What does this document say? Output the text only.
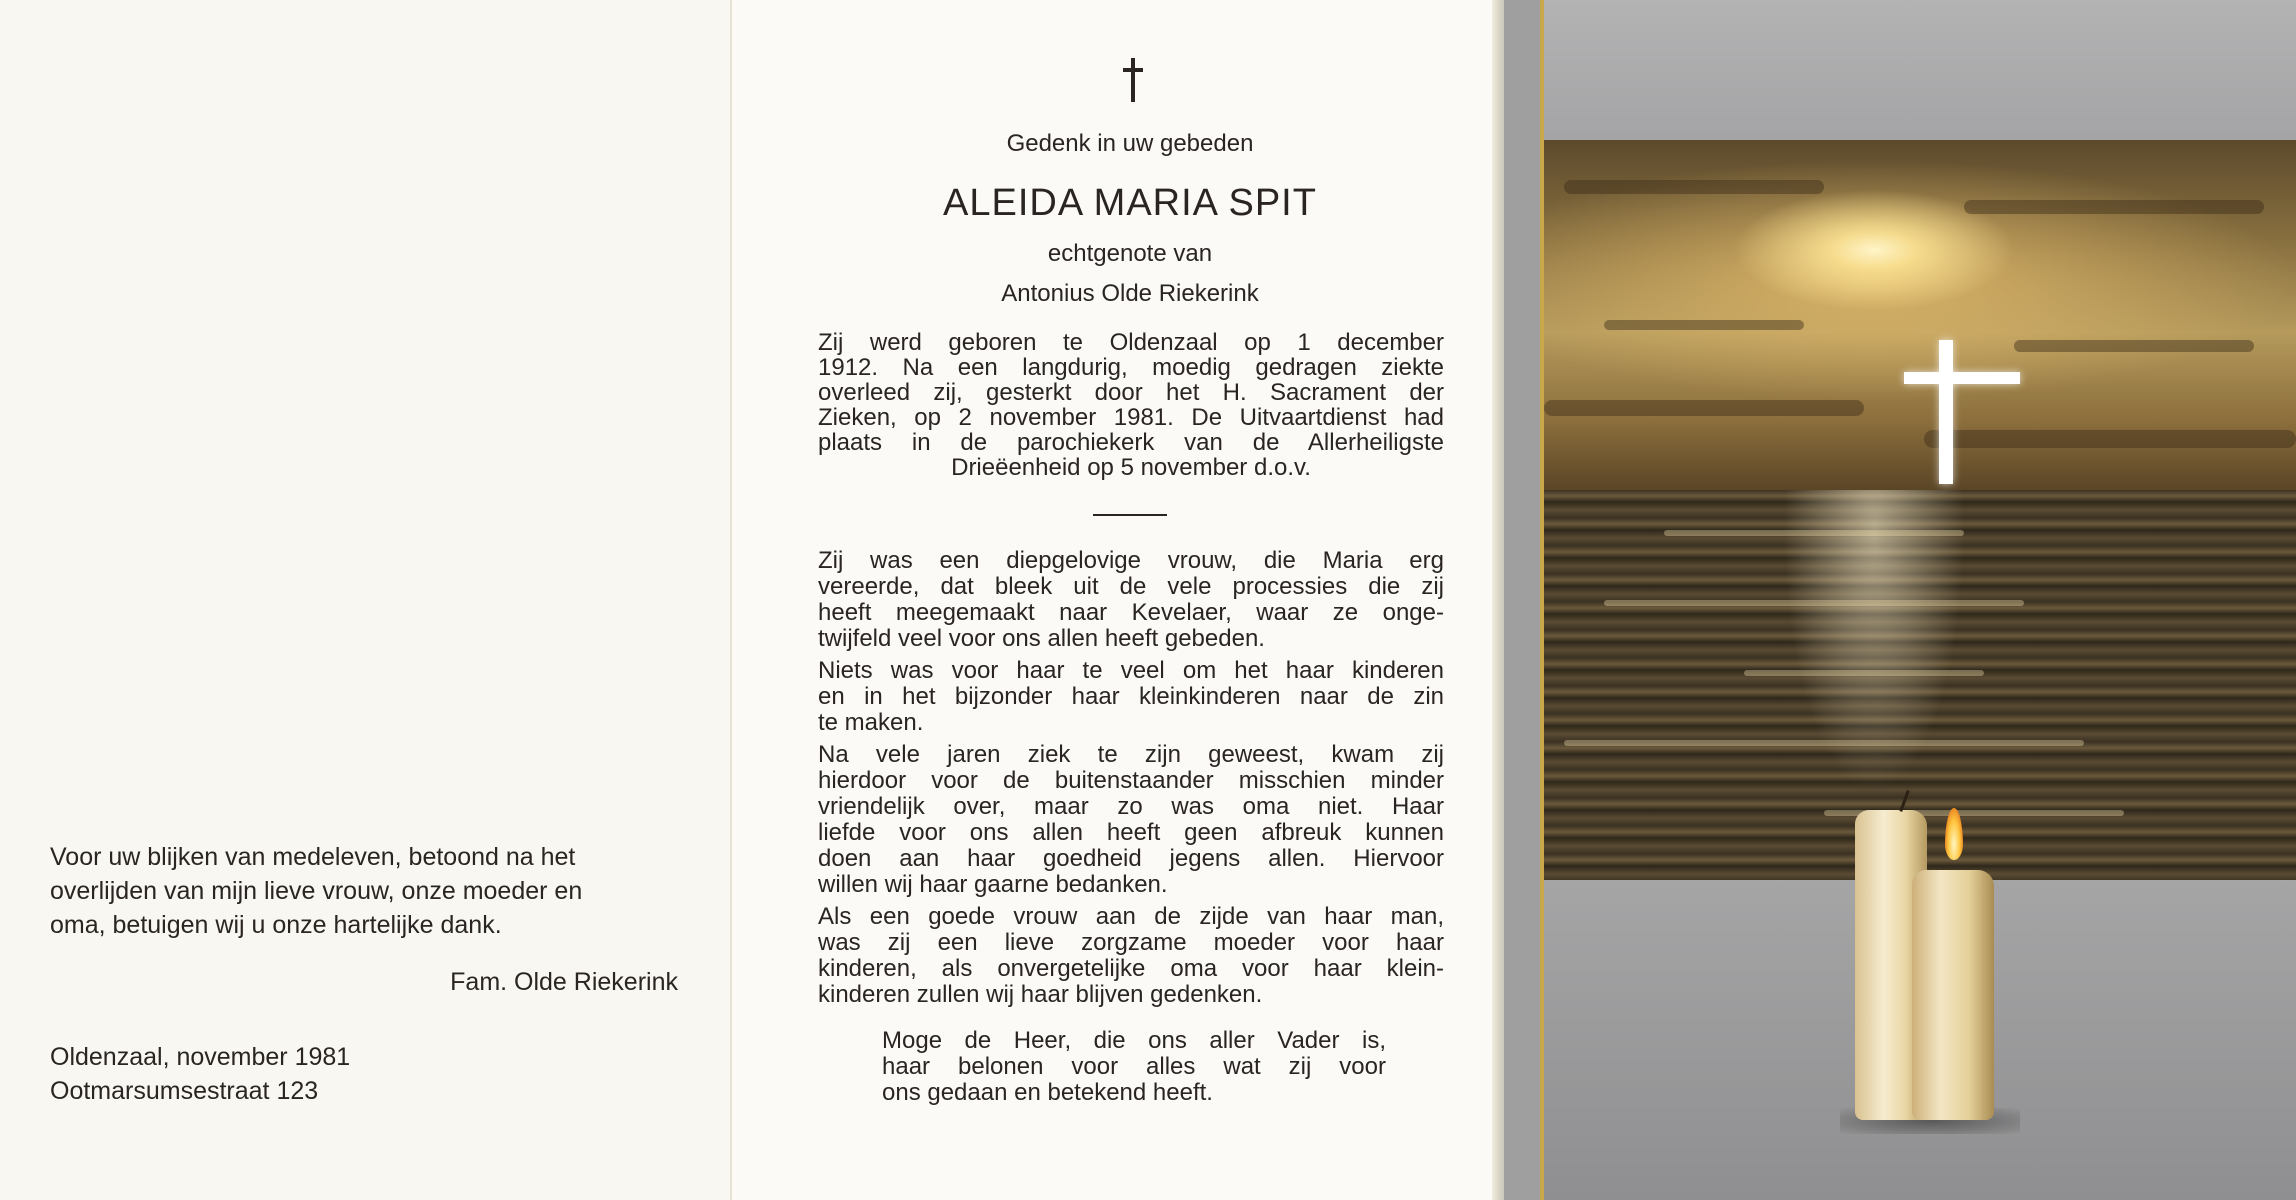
Voor uw blijken van medeleven, betoond na het
overlijden van mijn lieve vrouw, onze moeder en
oma, betuigen wij u onze hartelijke dank.
Fam. Olde Riekerink
Oldenzaal, november 1981
Ootmarsumsestraat 123
Gedenk in uw gebeden
ALEIDA MARIA SPIT
echtgenote van
Antonius Olde Riekerink
Zij werd geboren te Oldenzaal op 1 december
1912. Na een langdurig, moedig gedragen ziekte
overleed zij, gesterkt door het H. Sacrament der
Zieken, op 2 november 1981. De Uitvaartdienst had
plaats in de parochiekerk van de Allerheiligste
Drieëenheid op 5 november d.o.v.
Zij was een diepgelovige vrouw, die Maria erg
vereerde, dat bleek uit de vele processies die zij
heeft meegemaakt naar Kevelaer, waar ze onge-
twijfeld veel voor ons allen heeft gebeden.
Niets was voor haar te veel om het haar kinderen
en in het bijzonder haar kleinkinderen naar de zin
te maken.
Na vele jaren ziek te zijn geweest, kwam zij
hierdoor voor de buitenstaander misschien minder
vriendelijk over, maar zo was oma niet. Haar
liefde voor ons allen heeft geen afbreuk kunnen
doen aan haar goedheid jegens allen. Hiervoor
willen wij haar gaarne bedanken.
Als een goede vrouw aan de zijde van haar man,
was zij een lieve zorgzame moeder voor haar
kinderen, als onvergetelijke oma voor haar klein-
kinderen zullen wij haar blijven gedenken.
Moge de Heer, die ons aller Vader is,
haar belonen voor alles wat zij voor
ons gedaan en betekend heeft.
